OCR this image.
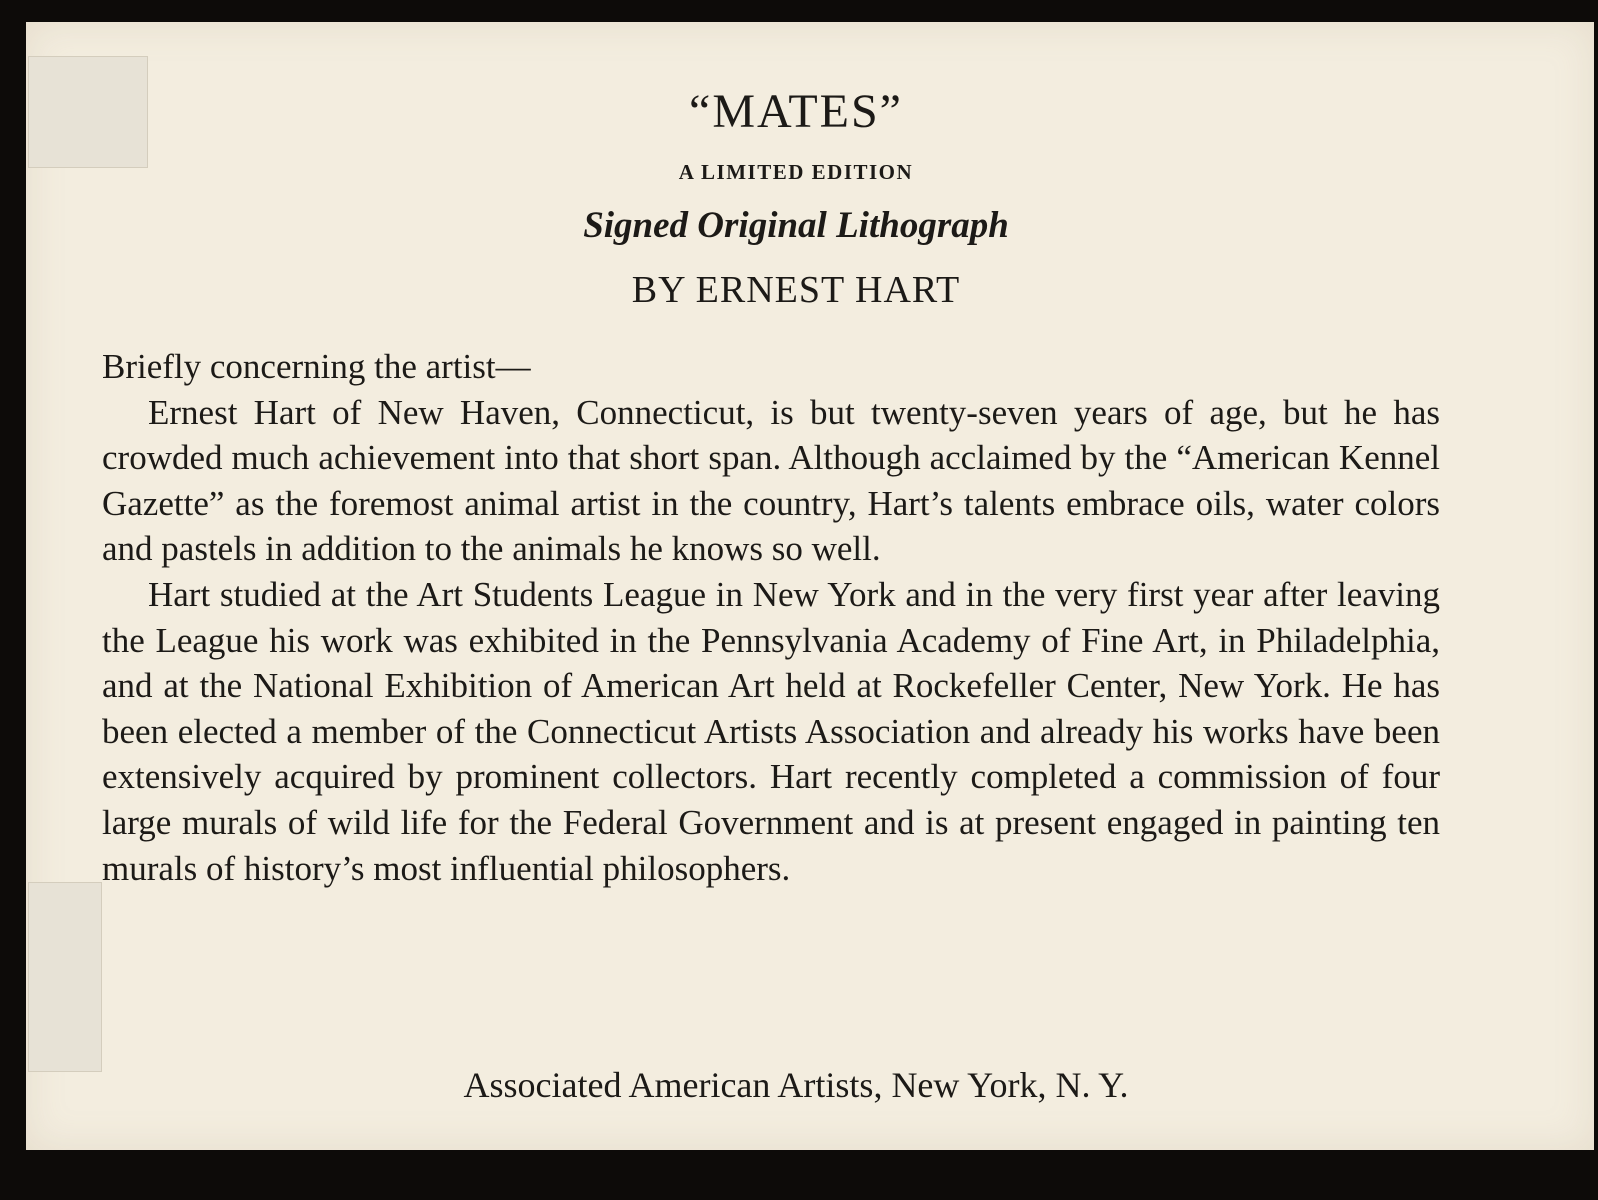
“MATES”
A LIMITED EDITION
Signed Original Lithograph
BY ERNEST HART

Briefly concerning the artist—

Ernest Hart of New Haven, Connecticut, is but twenty-seven years of age, but he has crowded much achievement into that short span. Although acclaimed by the “American Kennel Gazette” as the foremost animal artist in the country, Hart’s talents embrace oils, water colors and pastels in addition to the animals he knows so well.

Hart studied at the Art Students League in New York and in the very first year after leaving the League his work was exhibited in the Pennsylvania Academy of Fine Art, in Philadelphia, and at the National Exhibition of American Art held at Rockefeller Center, New York. He has been elected a member of the Connecticut Artists Association and already his works have been extensively acquired by prominent collectors. Hart recently completed a commission of four large murals of wild life for the Federal Government and is at present engaged in painting ten murals of history’s most influential philosophers.

Associated American Artists, New York, N. Y.
